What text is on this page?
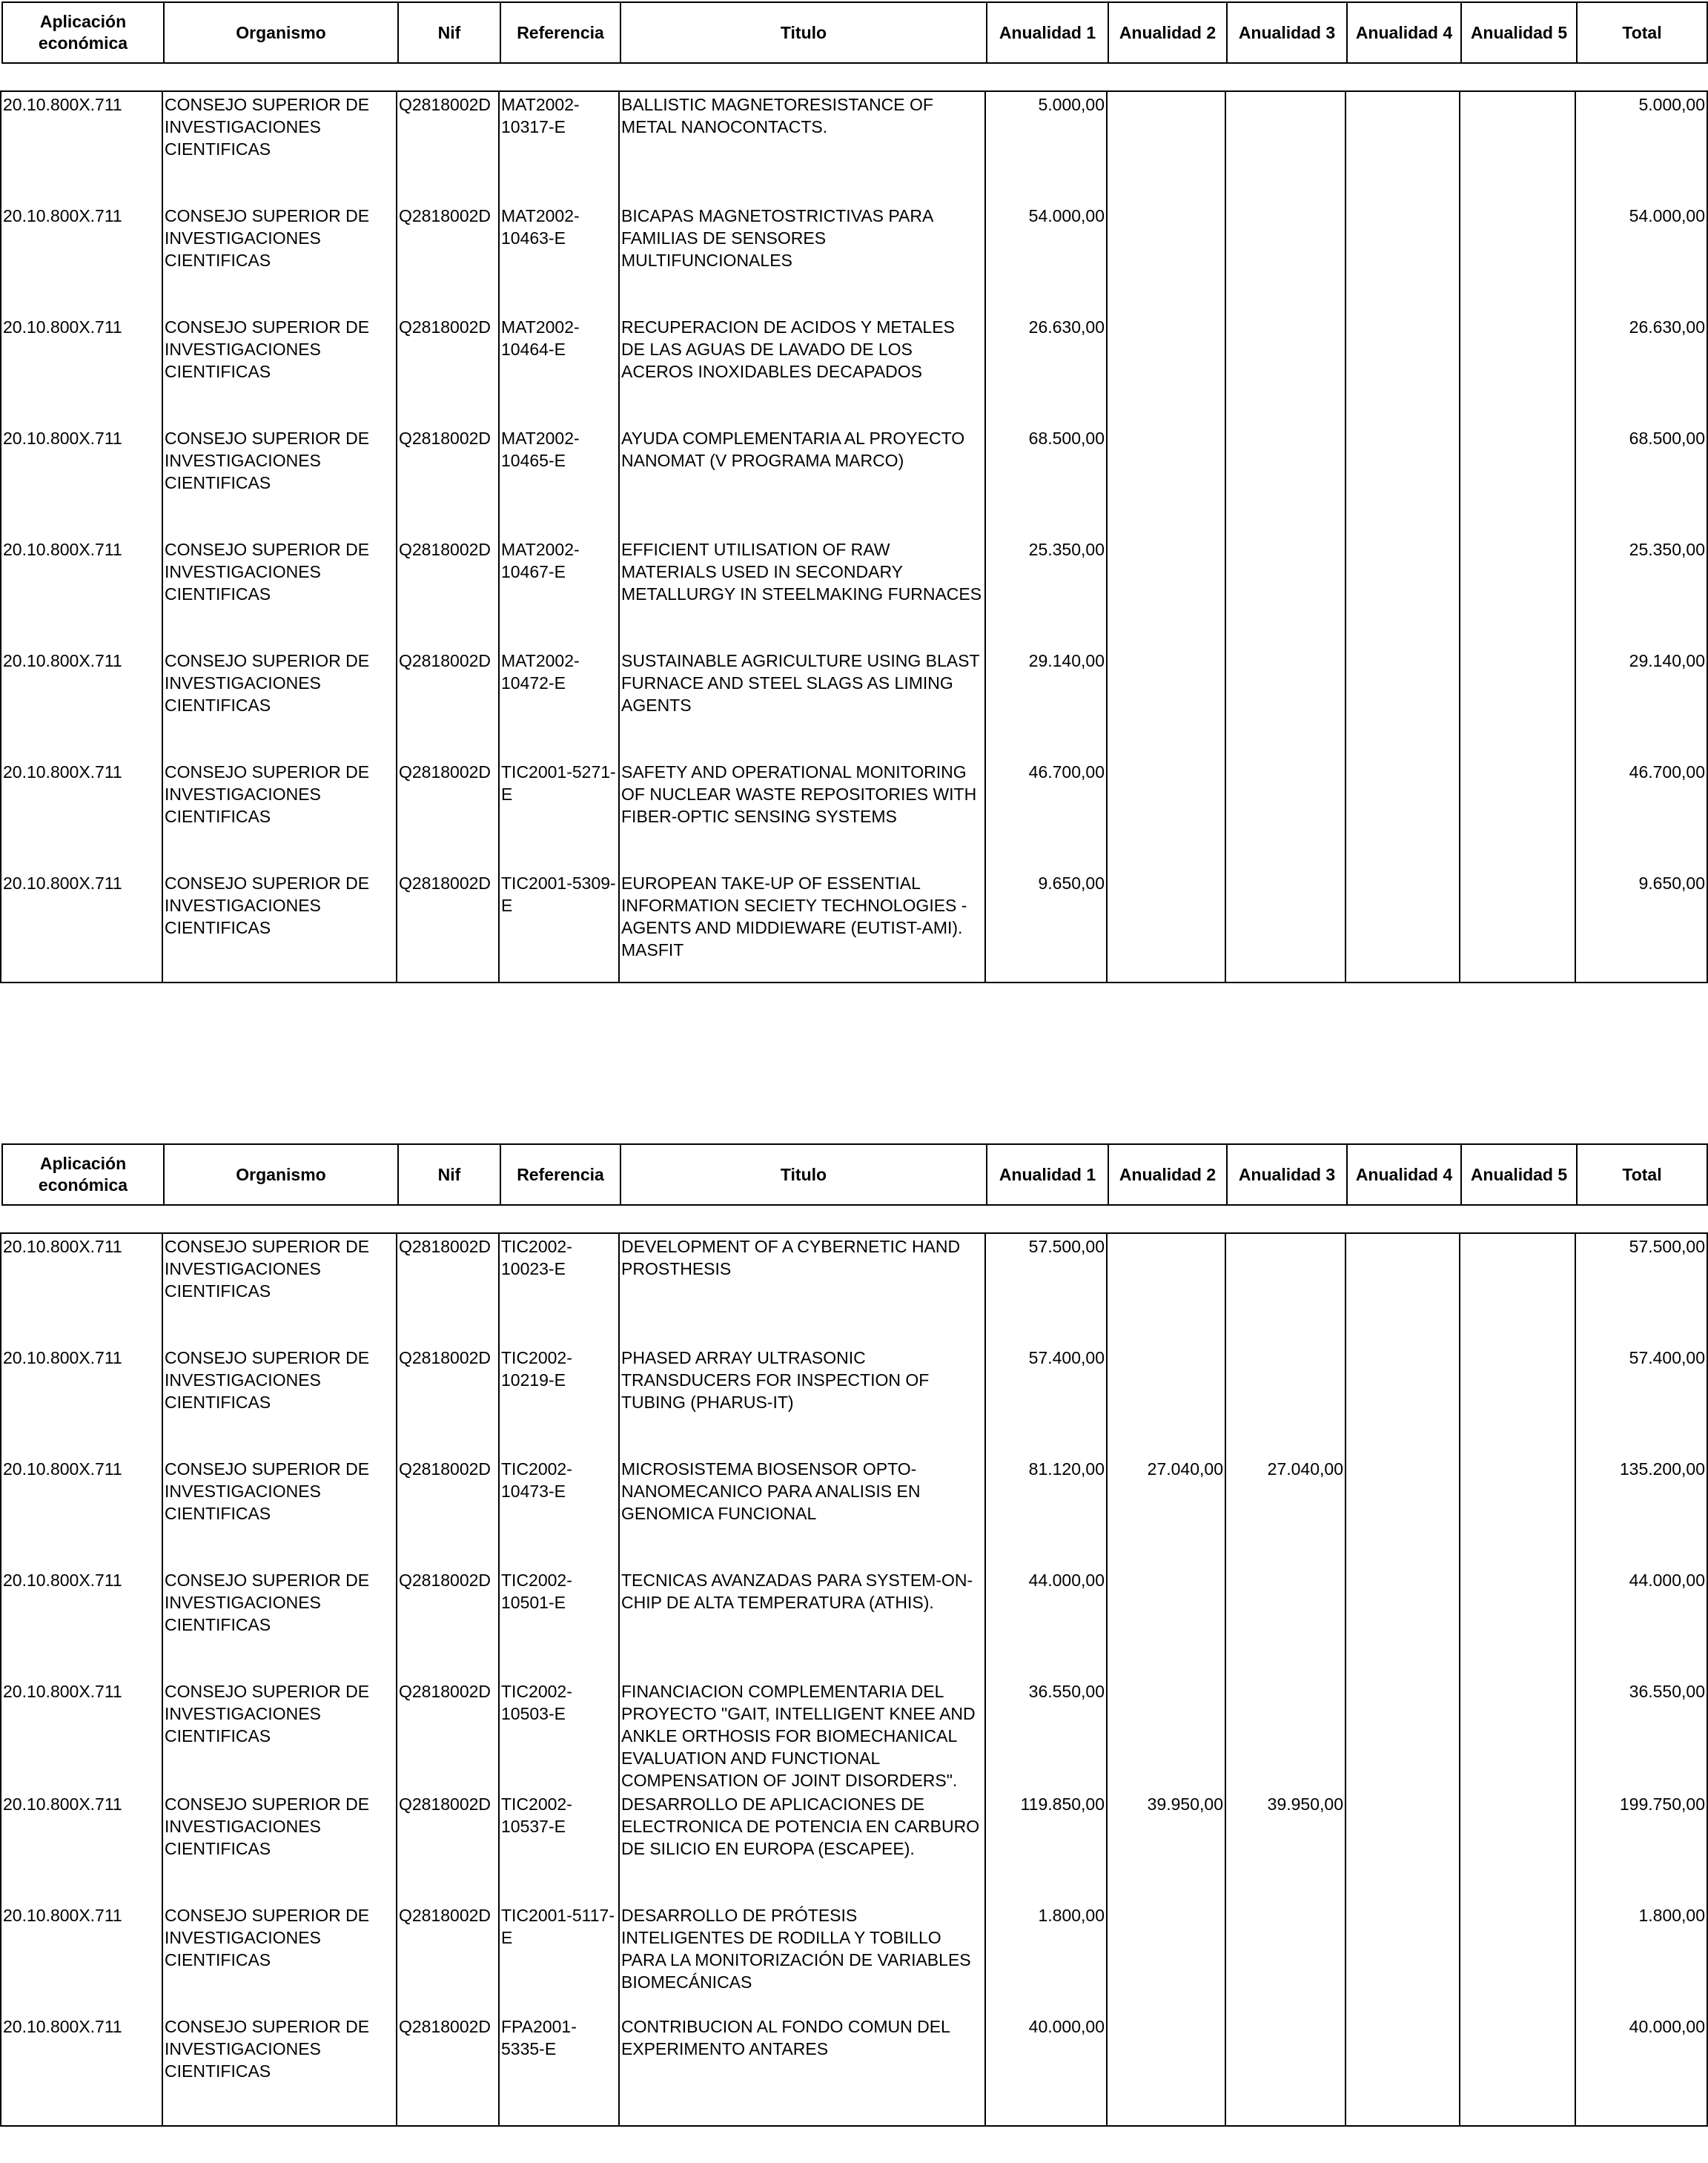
Aplicación económica	Organismo	Nif	Referencia	Titulo	Anualidad 1	Anualidad 2	Anualidad 3	Anualidad 4	Anualidad 5	Total
20.10.800X.711	CONSEJO SUPERIOR DE INVESTIGACIONES CIENTIFICAS	Q2818002D	MAT2002-10317-E	BALLISTIC MAGNETORESISTANCE OF METAL NANOCONTACTS.	5.000,00					5.000,00

20.10.800X.711	CONSEJO SUPERIOR DE INVESTIGACIONES CIENTIFICAS	Q2818002D	MAT2002-10463-E	BICAPAS MAGNETOSTRICTIVAS PARA FAMILIAS DE SENSORES MULTIFUNCIONALES	54.000,00					54.000,00

20.10.800X.711	CONSEJO SUPERIOR DE INVESTIGACIONES CIENTIFICAS	Q2818002D	MAT2002-10464-E	RECUPERACION DE ACIDOS Y METALES DE LAS AGUAS DE LAVADO DE LOS ACEROS INOXIDABLES DECAPADOS	26.630,00					26.630,00

20.10.800X.711	CONSEJO SUPERIOR DE INVESTIGACIONES CIENTIFICAS	Q2818002D	MAT2002-10465-E	AYUDA COMPLEMENTARIA AL PROYECTO NANOMAT (V PROGRAMA MARCO)	68.500,00					68.500,00

20.10.800X.711	CONSEJO SUPERIOR DE INVESTIGACIONES CIENTIFICAS	Q2818002D	MAT2002-10467-E	EFFICIENT UTILISATION OF RAW MATERIALS USED IN SECONDARY METALLURGY IN STEELMAKING FURNACES	25.350,00					25.350,00

20.10.800X.711	CONSEJO SUPERIOR DE INVESTIGACIONES CIENTIFICAS	Q2818002D	MAT2002-10472-E	SUSTAINABLE AGRICULTURE USING BLAST FURNACE AND STEEL SLAGS AS LIMING AGENTS	29.140,00					29.140,00

20.10.800X.711	CONSEJO SUPERIOR DE INVESTIGACIONES CIENTIFICAS	Q2818002D	TIC2001-5271-E	SAFETY AND OPERATIONAL MONITORING OF NUCLEAR WASTE REPOSITORIES WITH FIBER-OPTIC SENSING SYSTEMS	46.700,00					46.700,00

20.10.800X.711	CONSEJO SUPERIOR DE INVESTIGACIONES CIENTIFICAS	Q2818002D	TIC2001-5309-E	EUROPEAN TAKE-UP OF ESSENTIAL INFORMATION SECIETY TECHNOLOGIES - AGENTS AND MIDDIEWARE (EUTIST-AMI). MASFIT	9.650,00					9.650,00
Aplicación económica	Organismo	Nif	Referencia	Titulo	Anualidad 1	Anualidad 2	Anualidad 3	Anualidad 4	Anualidad 5	Total
20.10.800X.711	CONSEJO SUPERIOR DE INVESTIGACIONES CIENTIFICAS	Q2818002D	TIC2002-10023-E	DEVELOPMENT OF A CYBERNETIC HAND PROSTHESIS	57.500,00					57.500,00

20.10.800X.711	CONSEJO SUPERIOR DE INVESTIGACIONES CIENTIFICAS	Q2818002D	TIC2002-10219-E	PHASED ARRAY ULTRASONIC TRANSDUCERS FOR INSPECTION OF TUBING (PHARUS-IT)	57.400,00					57.400,00

20.10.800X.711	CONSEJO SUPERIOR DE INVESTIGACIONES CIENTIFICAS	Q2818002D	TIC2002-10473-E	MICROSISTEMA BIOSENSOR OPTO-NANOMECANICO PARA ANALISIS EN GENOMICA FUNCIONAL	81.120,00	27.040,00	27.040,00			135.200,00

20.10.800X.711	CONSEJO SUPERIOR DE INVESTIGACIONES CIENTIFICAS	Q2818002D	TIC2002-10501-E	TECNICAS AVANZADAS PARA SYSTEM-ON-CHIP DE ALTA TEMPERATURA (ATHIS).	44.000,00					44.000,00

20.10.800X.711	CONSEJO SUPERIOR DE INVESTIGACIONES CIENTIFICAS	Q2818002D	TIC2002-10503-E	FINANCIACION COMPLEMENTARIA DEL PROYECTO "GAIT, INTELLIGENT KNEE AND ANKLE ORTHOSIS FOR BIOMECHANICAL EVALUATION AND FUNCTIONAL COMPENSATION OF JOINT DISORDERS".	36.550,00					36.550,00

20.10.800X.711	CONSEJO SUPERIOR DE INVESTIGACIONES CIENTIFICAS	Q2818002D	TIC2002-10537-E	DESARROLLO DE APLICACIONES DE ELECTRONICA DE POTENCIA EN CARBURO DE SILICIO EN EUROPA (ESCAPEE).	119.850,00	39.950,00	39.950,00			199.750,00

20.10.800X.711	CONSEJO SUPERIOR DE INVESTIGACIONES CIENTIFICAS	Q2818002D	TIC2001-5117-E	DESARROLLO DE PRÓTESIS INTELIGENTES DE RODILLA Y TOBILLO PARA LA MONITORIZACIÓN DE VARIABLES BIOMECÁNICAS	1.800,00					1.800,00

20.10.800X.711	CONSEJO SUPERIOR DE INVESTIGACIONES CIENTIFICAS	Q2818002D	FPA2001-5335-E	CONTRIBUCION AL FONDO COMUN DEL EXPERIMENTO ANTARES	40.000,00					40.000,00
